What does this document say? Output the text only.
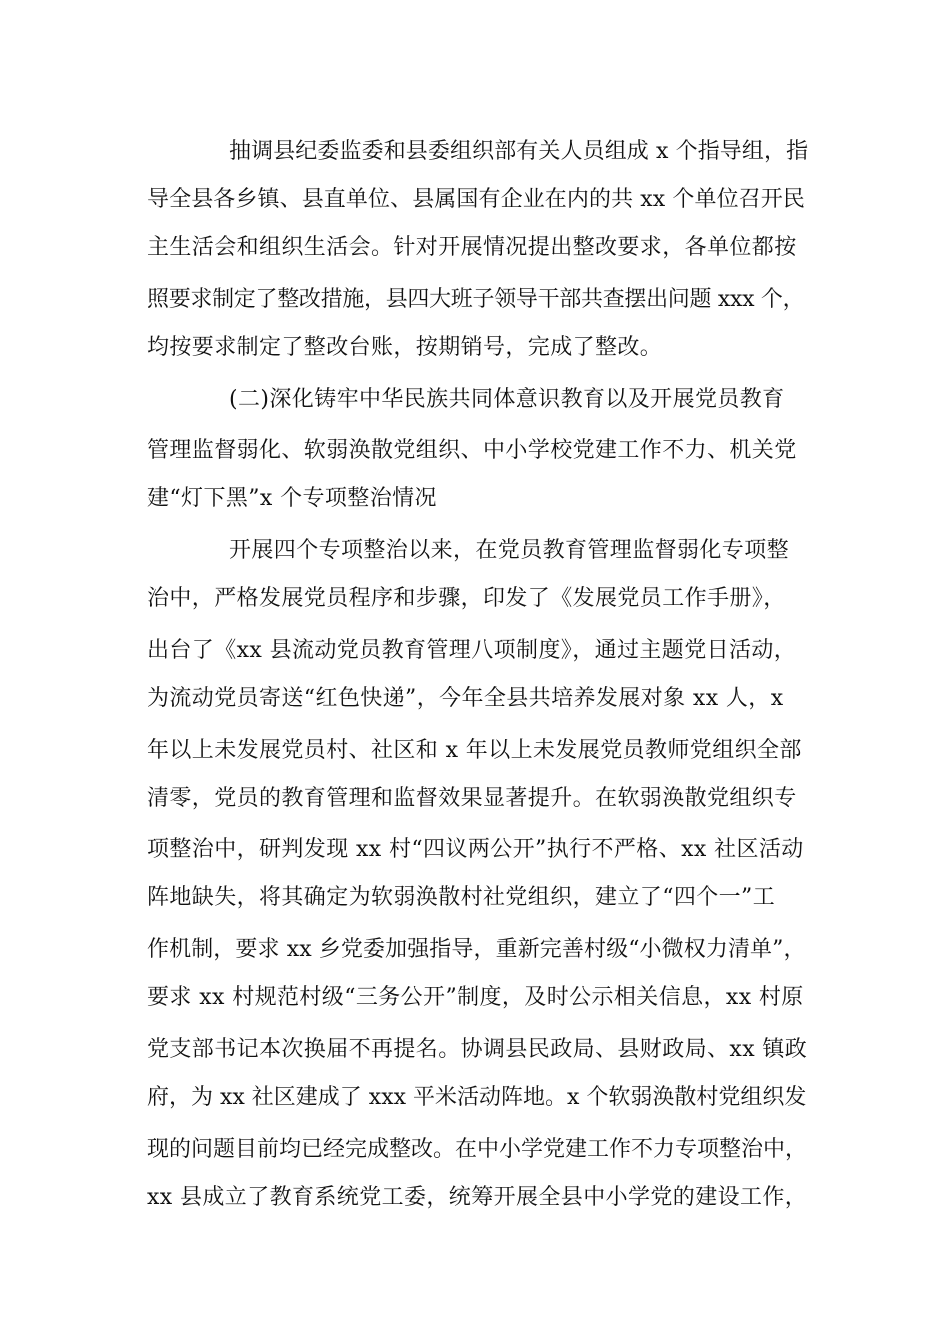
抽调县纪委监委和县委组织部有关人员组成 x 个指导组，指
导全县各乡镇、县直单位、县属国有企业在内的共 xx 个单位召开民
主生活会和组织生活会。针对开展情况提出整改要求，各单位都按
照要求制定了整改措施，县四大班子领导干部共查摆出问题 xxx 个，
均按要求制定了整改台账，按期销号，完成了整改。
(二)深化铸牢中华民族共同体意识教育以及开展党员教育
管理监督弱化、软弱涣散党组织、中小学校党建工作不力、机关党
建“灯下黑”x 个专项整治情况
开展四个专项整治以来，在党员教育管理监督弱化专项整
治中，严格发展党员程序和步骤，印发了《发展党员工作手册》，
出台了《xx 县流动党员教育管理八项制度》，通过主题党日活动，
为流动党员寄送“红色快递”，今年全县共培养发展对象 xx 人，x
年以上未发展党员村、社区和 x 年以上未发展党员教师党组织全部
清零，党员的教育管理和监督效果显著提升。在软弱涣散党组织专
项整治中，研判发现 xx 村“四议两公开”执行不严格、xx 社区活动
阵地缺失，将其确定为软弱涣散村社党组织，建立了“四个一”工
作机制，要求 xx 乡党委加强指导，重新完善村级“小微权力清单”，
要求 xx 村规范村级“三务公开”制度，及时公示相关信息，xx 村原
党支部书记本次换届不再提名。协调县民政局、县财政局、xx 镇政
府，为 xx 社区建成了 xxx 平米活动阵地。x 个软弱涣散村党组织发
现的问题目前均已经完成整改。在中小学党建工作不力专项整治中，
xx 县成立了教育系统党工委，统筹开展全县中小学党的建设工作，
